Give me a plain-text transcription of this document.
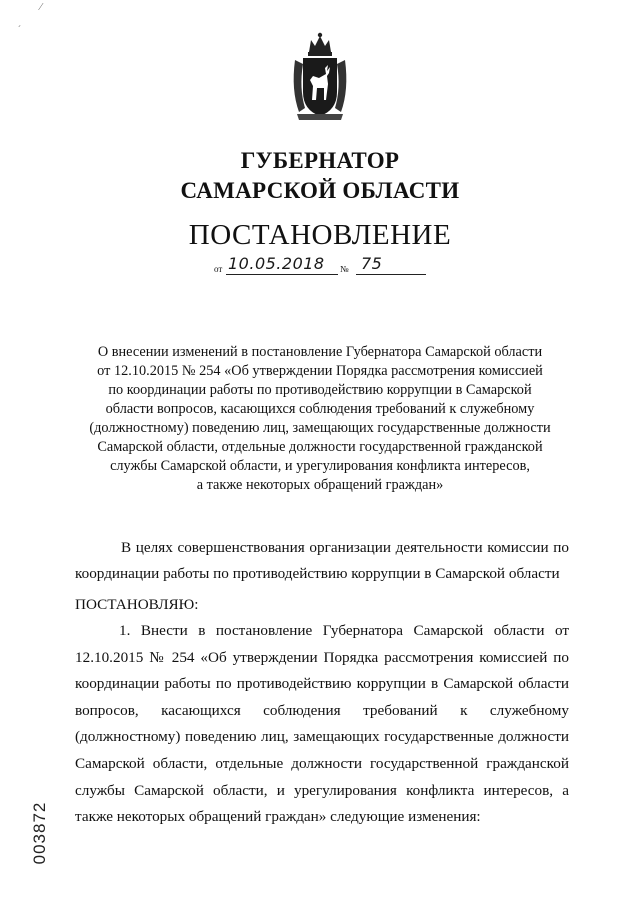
⁄
ˊ
ГУБЕРНАТОР
САМАРСКОЙ ОБЛАСТИ
ПОСТАНОВЛЕНИЕ
от 10.05.2018 № 75
О внесении изменений в постановление Губернатора Самарской области
от 12.10.2015 № 254 «Об утверждении Порядка рассмотрения комиссией
по координации работы по противодействию коррупции в Самарской
области вопросов, касающихся соблюдения требований к служебному
(должностному) поведению лиц, замещающих государственные должности
Самарской области, отдельные должности государственной гражданской
службы Самарской области, и урегулирования конфликта интересов,
а также некоторых обращений граждан»
В целях совершенствования организации деятельности комиссии по координации работы по противодействию коррупции в Самарской области
ПОСТАНОВЛЯЮ:
1. Внести в постановление Губернатора Самарской области от 12.10.2015 № 254 «Об утверждении Порядка рассмотрения комиссией по координации работы по противодействию коррупции в Самарской области вопросов, касающихся соблюдения требований к служебному (должностному) поведению лиц, замещающих государственные должности Самарской области, отдельные должности государственной гражданской службы Самарской области, и урегулирования конфликта интересов, а также некоторых обращений граждан» следующие изменения:
003872
